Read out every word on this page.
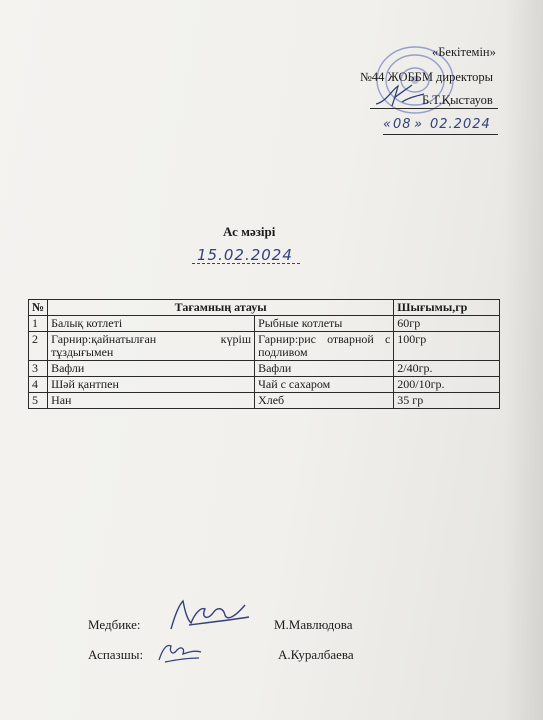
«Бекітемін»
№44 ЖОББМ директоры
Б.Т.Қыстауов
« 08 » 02.2024
Ас мәзірі
15.02.2024
№	Тағамның атауы		Шығымы,гр
1	Балық котлеті	Рыбные котлеты	60гр
2	Гарнир:қайнатылған күріш тұздығымен	Гарнир:рис отварной с подливом	100гр
3	Вафли	Вафли	2/40гр.
4	Шәй қантпен	Чай с сахаром	200/10гр.
5	Нан	Хлеб	35 гр
Медбике:	М.Мавлюдова
Аспазшы:	А.Куралбаева
